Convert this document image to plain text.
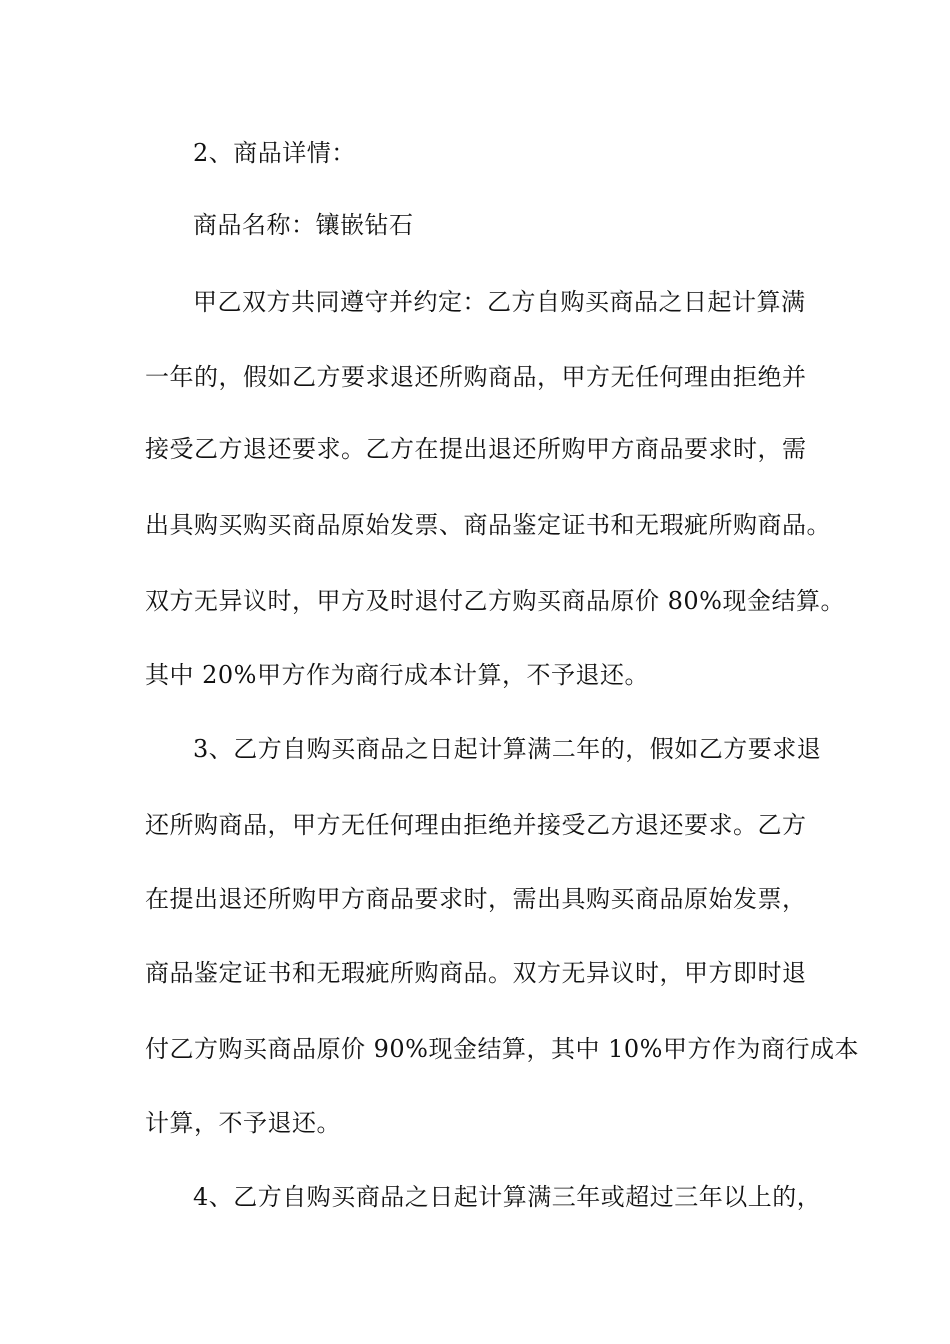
2、商品详情：
商品名称：镶嵌钻石
甲乙双方共同遵守并约定：乙方自购买商品之日起计算满
一年的，假如乙方要求退还所购商品，甲方无任何理由拒绝并
接受乙方退还要求。乙方在提出退还所购甲方商品要求时，需
出具购买购买商品原始发票、商品鉴定证书和无瑕疵所购商品。
双方无异议时，甲方及时退付乙方购买商品原价 80%现金结算。
其中 20%甲方作为商行成本计算，不予退还。
3、乙方自购买商品之日起计算满二年的，假如乙方要求退
还所购商品，甲方无任何理由拒绝并接受乙方退还要求。乙方
在提出退还所购甲方商品要求时，需出具购买商品原始发票，
商品鉴定证书和无瑕疵所购商品。双方无异议时，甲方即时退
付乙方购买商品原价 90%现金结算，其中 10%甲方作为商行成本
计算，不予退还。
4、乙方自购买商品之日起计算满三年或超过三年以上的，
